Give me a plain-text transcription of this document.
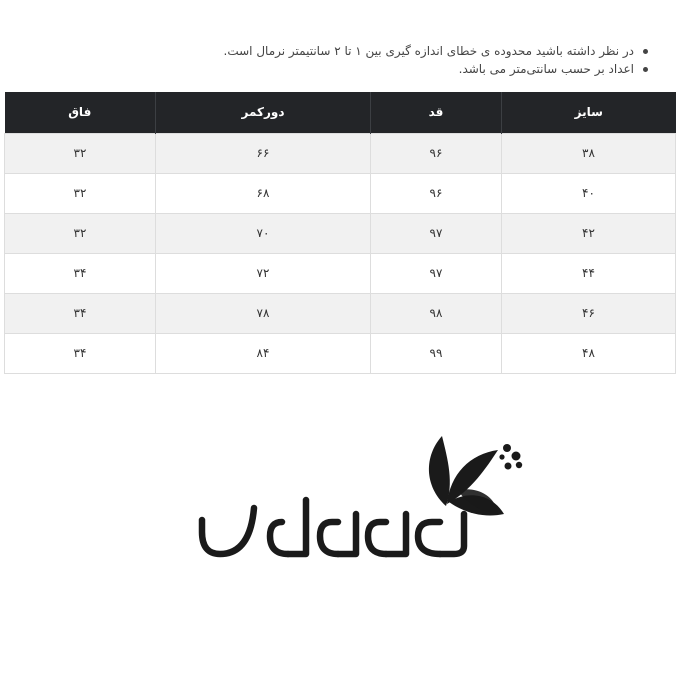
در نظر داشته باشید محدوده ی خطای اندازه گیری بین ۱ تا ۲ سانتیمتر نرمال است.
اعداد بر حسب سانتی‌متر می باشد.
سایز	قد	دورکمر	فاق
۳۸	۹۶	۶۶	۳۲
۴۰	۹۶	۶۸	۳۲
۴۲	۹۷	۷۰	۳۲
۴۴	۹۷	۷۲	۳۴
۴۶	۹۸	۷۸	۳۴
۴۸	۹۹	۸۴	۳۴
